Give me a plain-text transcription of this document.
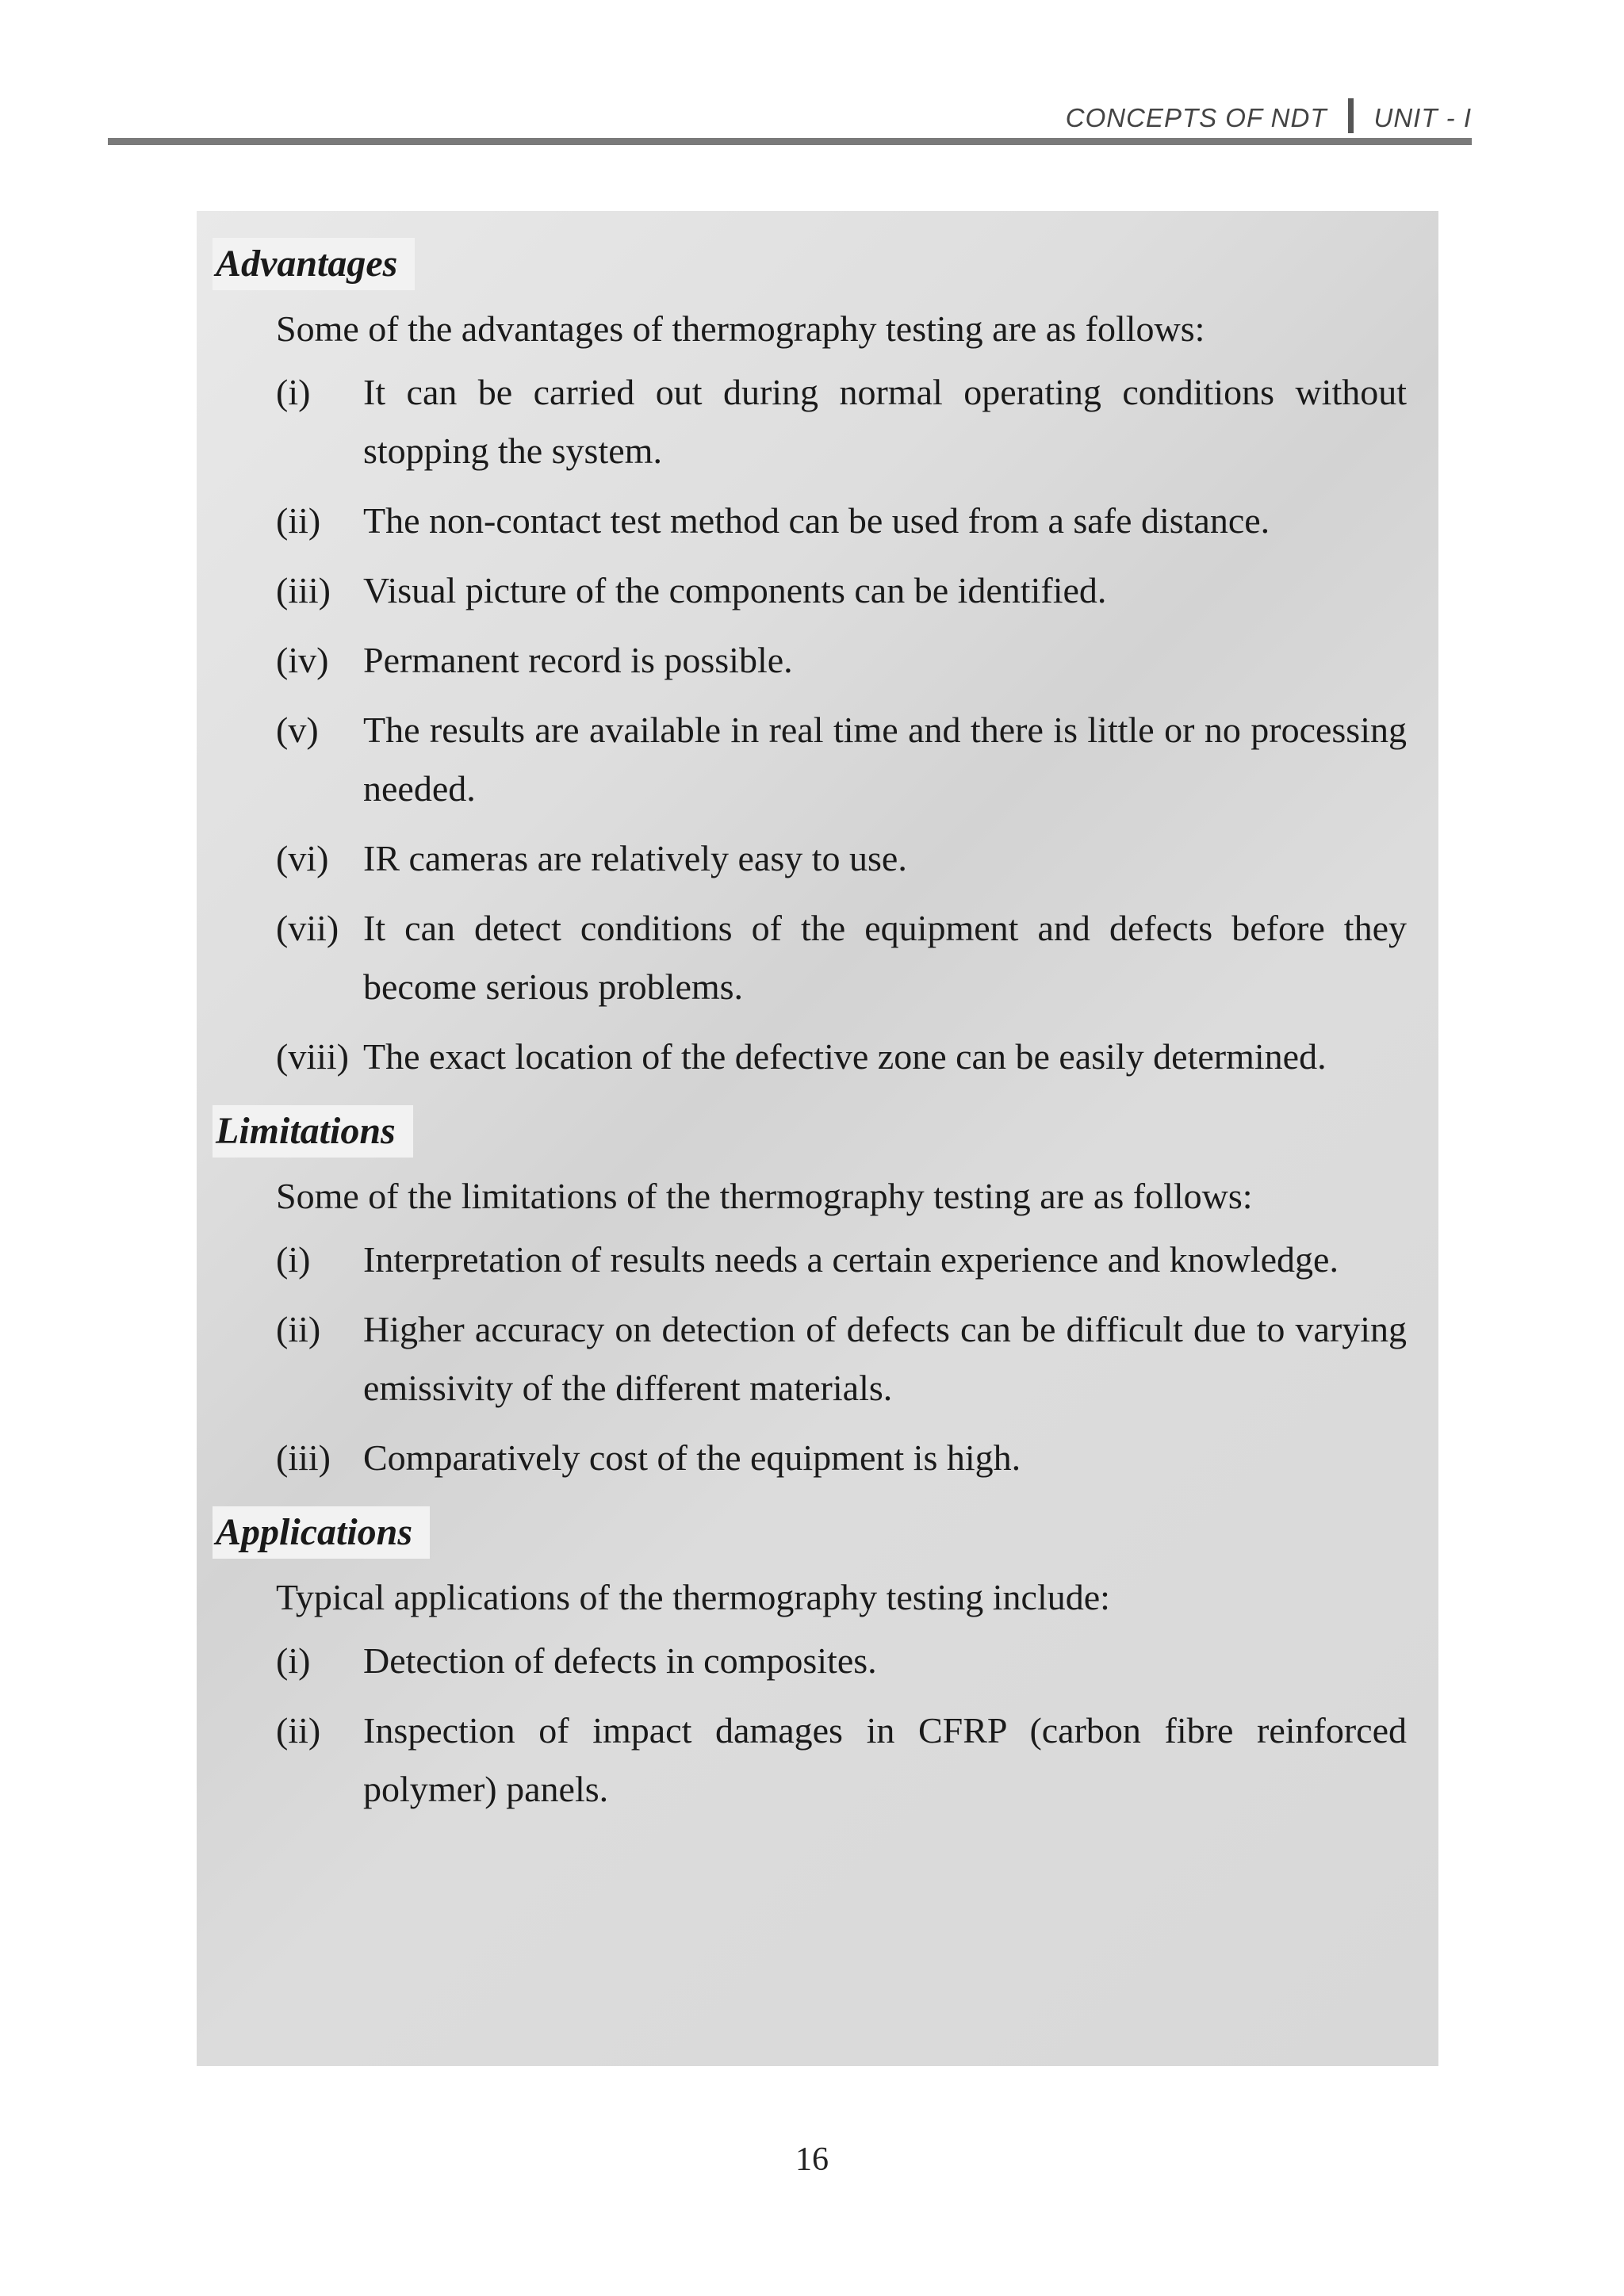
CONCEPTS OF NDT UNIT - I
Advantages
Some of the advantages of thermography testing are as follows:
(i)	It can be carried out during normal operating conditions without stopping the system.
(ii)	The non-contact test method can be used from a safe distance.
(iii) Visual picture of the components can be identified.
(iv) Permanent record is possible.
(v)	The results are available in real time and there is little or no processing needed.
(vi) IR cameras are relatively easy to use.
(vii) It can detect conditions of the equipment and defects before they become serious problems.
(viii) The exact location of the defective zone can be easily determined.
Limitations
Some of the limitations of the thermography testing are as follows:
(i)	Interpretation of results needs a certain experience and knowledge.
(ii)	Higher accuracy on detection of defects can be difficult due to varying emissivity of the different materials.
(iii) Comparatively cost of the equipment is high.
Applications
Typical applications of the thermography testing include:
(i)	Detection of defects in composites.
(ii)	Inspection of impact damages in CFRP (carbon fibre reinforced polymer) panels.
16
